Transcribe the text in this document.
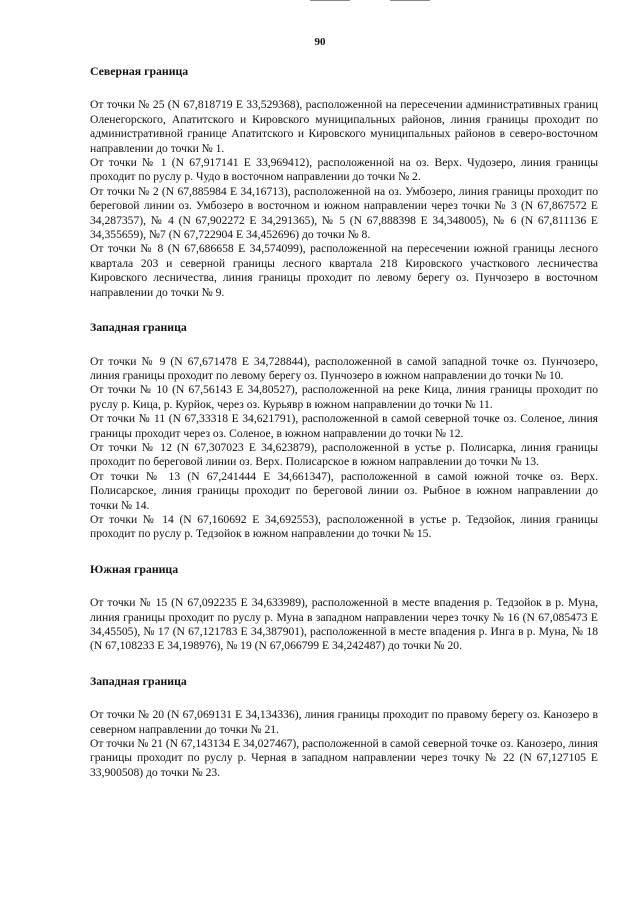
90
Северная граница

От точки № 25 (N 67,818719 E 33,529368), расположенной на пересечении административных границ Оленегорского, Апатитского и Кировского муниципальных районов, линия границы проходит по административной границе Апатитского и Кировского муниципальных районов в северо-восточном направлении до точки № 1.

От точки № 1 (N 67,917141 E 33,969412), расположенной на оз. Верх. Чудозеро, линия границы проходит по руслу р. Чудо в восточном направлении до точки № 2.

От точки № 2 (N 67,885984 E 34,16713), расположенной на оз. Умбозеро, линия границы проходит по береговой линии оз. Умбозеро в восточном и южном направлении через точки № 3 (N 67,867572 E 34,287357), № 4 (N 67,902272 E 34,291365), № 5 (N 67,888398 E 34,348005), № 6 (N 67,811136 E 34,355659), №7 (N 67,722904 E 34,452696) до точки № 8.

От точки № 8 (N 67,686658 E 34,574099), расположенной на пересечении южной границы лесного квартала 203 и северной границы лесного квартала 218 Кировского участкового лесничества Кировского лесничества, линия границы проходит по левому берегу оз. Пунчозеро в восточном направлении до точки № 9.

Западная граница

От точки № 9 (N 67,671478 E 34,728844), расположенной в самой западной точке оз. Пунчозеро, линия границы проходит по левому берегу оз. Пунчозеро в южном направлении до точки № 10.

От точки № 10 (N 67,56143 E 34,80527), расположенной на реке Кица, линия границы проходит по руслу р. Кица, р. Курйок, через оз. Курьявр в южном направлении до точки № 11.

От точки № 11 (N 67,33318 E 34,621791), расположенной в самой северной точке оз. Соленое, линия границы проходит через оз. Соленое, в южном направлении до точки № 12.

От точки № 12 (N 67,307023 E 34,623879), расположенной в устье р. Полисарка, линия границы проходит по береговой линии оз. Верх. Полисарское в южном направлении до точки № 13.

От точки № 13 (N 67,241444 E 34,661347), расположенной в самой южной точке оз. Верх. Полисарское, линия границы проходит по береговой линии оз. Рыбное в южном направлении до точки № 14.

От точки № 14 (N 67,160692 E 34,692553), расположенной в устье р. Тедзойок, линия границы проходит по руслу р. Тедзойок в южном направлении до точки № 15.

Южная граница

От точки № 15 (N 67,092235 E 34,633989), расположенной в месте впадения р. Тедзойок в р. Муна, линия границы проходит по руслу р. Муна в западном направлении через точку № 16 (N 67,085473 E 34,45505), № 17 (N 67,121783 E 34,387901), расположенной в месте впадения р. Инга в р. Муна, № 18 (N 67,108233 E 34,198976), № 19 (N 67,066799 E 34,242487) до точки № 20.

Западная граница

От точки № 20 (N 67,069131 E 34,134336), линия границы проходит по правому берегу оз. Канозеро в северном направлении до точки № 21.

От точки № 21 (N 67,143134 E 34,027467), расположенной в самой северной точке оз. Канозеро, линия границы проходит по руслу р. Черная в западном направлении через точку № 22 (N 67,127105 E 33,900508) до точки № 23.
